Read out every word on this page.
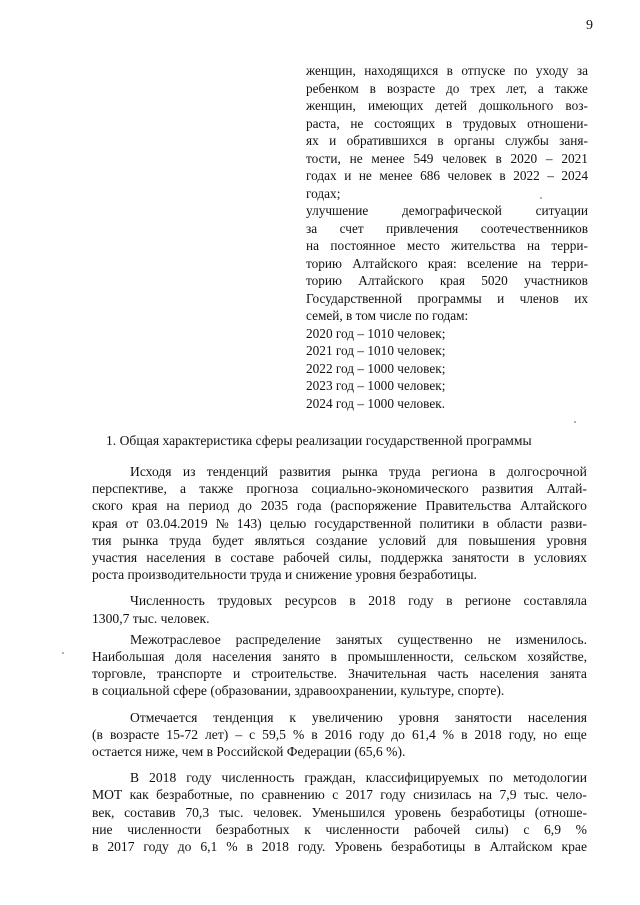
9
женщин, находящихся в отпуске по уходу за
ребенком в возрасте до трех лет, а также
женщин, имеющих детей дошкольного воз-
раста, не состоящих в трудовых отношени-
ях и обратившихся в органы службы заня-
тости, не менее 549 человек в 2020 – 2021
годах и не менее 686 человек в 2022 – 2024
годах;
улучшение	демографической	ситуации
за счет привлечения соотечественников
на постоянное место жительства на терри-
торию Алтайского края: вселение на терри-
торию Алтайского края 5020 участников
Государственной программы и членов их
семей, в том числе по годам:
2020 год – 1010 человек;
2021 год – 1010 человек;
2022 год – 1000 человек;
2023 год – 1000 человек;
2024 год – 1000 человек.
1. Общая характеристика сферы реализации государственной программы
Исходя из тенденций развития рынка труда региона в долгосрочной
перспективе, а также прогноза социально-экономического развития Алтай-
ского края на период до 2035 года (распоряжение Правительства Алтайского
края от 03.04.2019 № 143) целью государственной политики в области разви-
тия рынка труда будет являться создание условий для повышения уровня
участия населения в составе рабочей силы, поддержка занятости в условиях
роста производительности труда и снижение уровня безработицы.
Численность трудовых ресурсов в 2018 году в регионе составляла
1300,7 тыс. человек.
Межотраслевое распределение занятых существенно не изменилось.
Наибольшая доля населения занято в промышленности, сельском хозяйстве,
торговле, транспорте и строительстве. Значительная часть населения занята
в социальной сфере (образовании, здравоохранении, культуре, спорте).
Отмечается тенденция к увеличению уровня занятости населения
(в возрасте 15-72 лет) – с 59,5 % в 2016 году до 61,4 % в 2018 году, но еще
остается ниже, чем в Российской Федерации (65,6 %).
В 2018 году численность граждан, классифицируемых по методологии
МОТ как безработные, по сравнению с 2017 году снизилась на 7,9 тыс. чело-
век, составив 70,3 тыс. человек. Уменьшился уровень безработицы (отноше-
ние численности безработных к численности рабочей силы) с 6,9 %
в 2017 году до 6,1 % в 2018 году. Уровень безработицы в Алтайском крае
